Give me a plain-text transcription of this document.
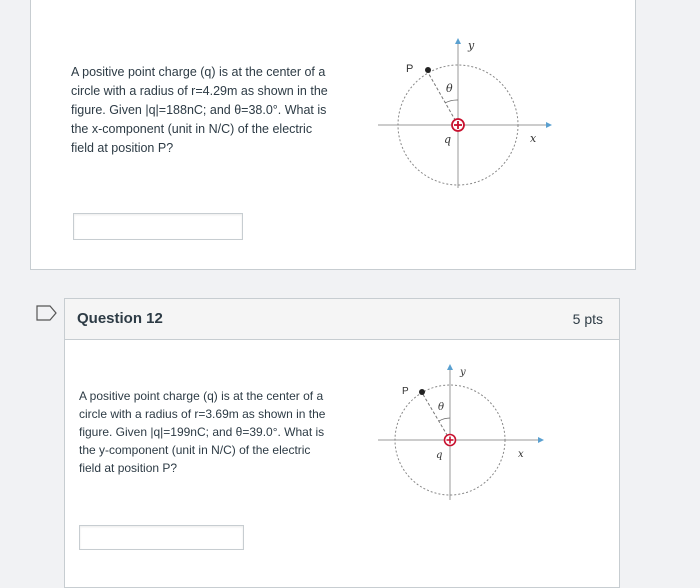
A positive point charge (q) is at the center of a
circle with a radius of r=4.29m as shown in the
figure. Given |q|=188nC; and θ=38.0°. What is
the x-component (unit in N/C) of the electric
field at position P?
P
θ
q	x
y
Question 12	5 pts
A positive point charge (q) is at the center of a
circle with a radius of r=3.69m as shown in the
figure. Given |q|=199nC; and θ=39.0°. What is
the y-component (unit in N/C) of the electric
field at position P?
P
θ
q	x
y
